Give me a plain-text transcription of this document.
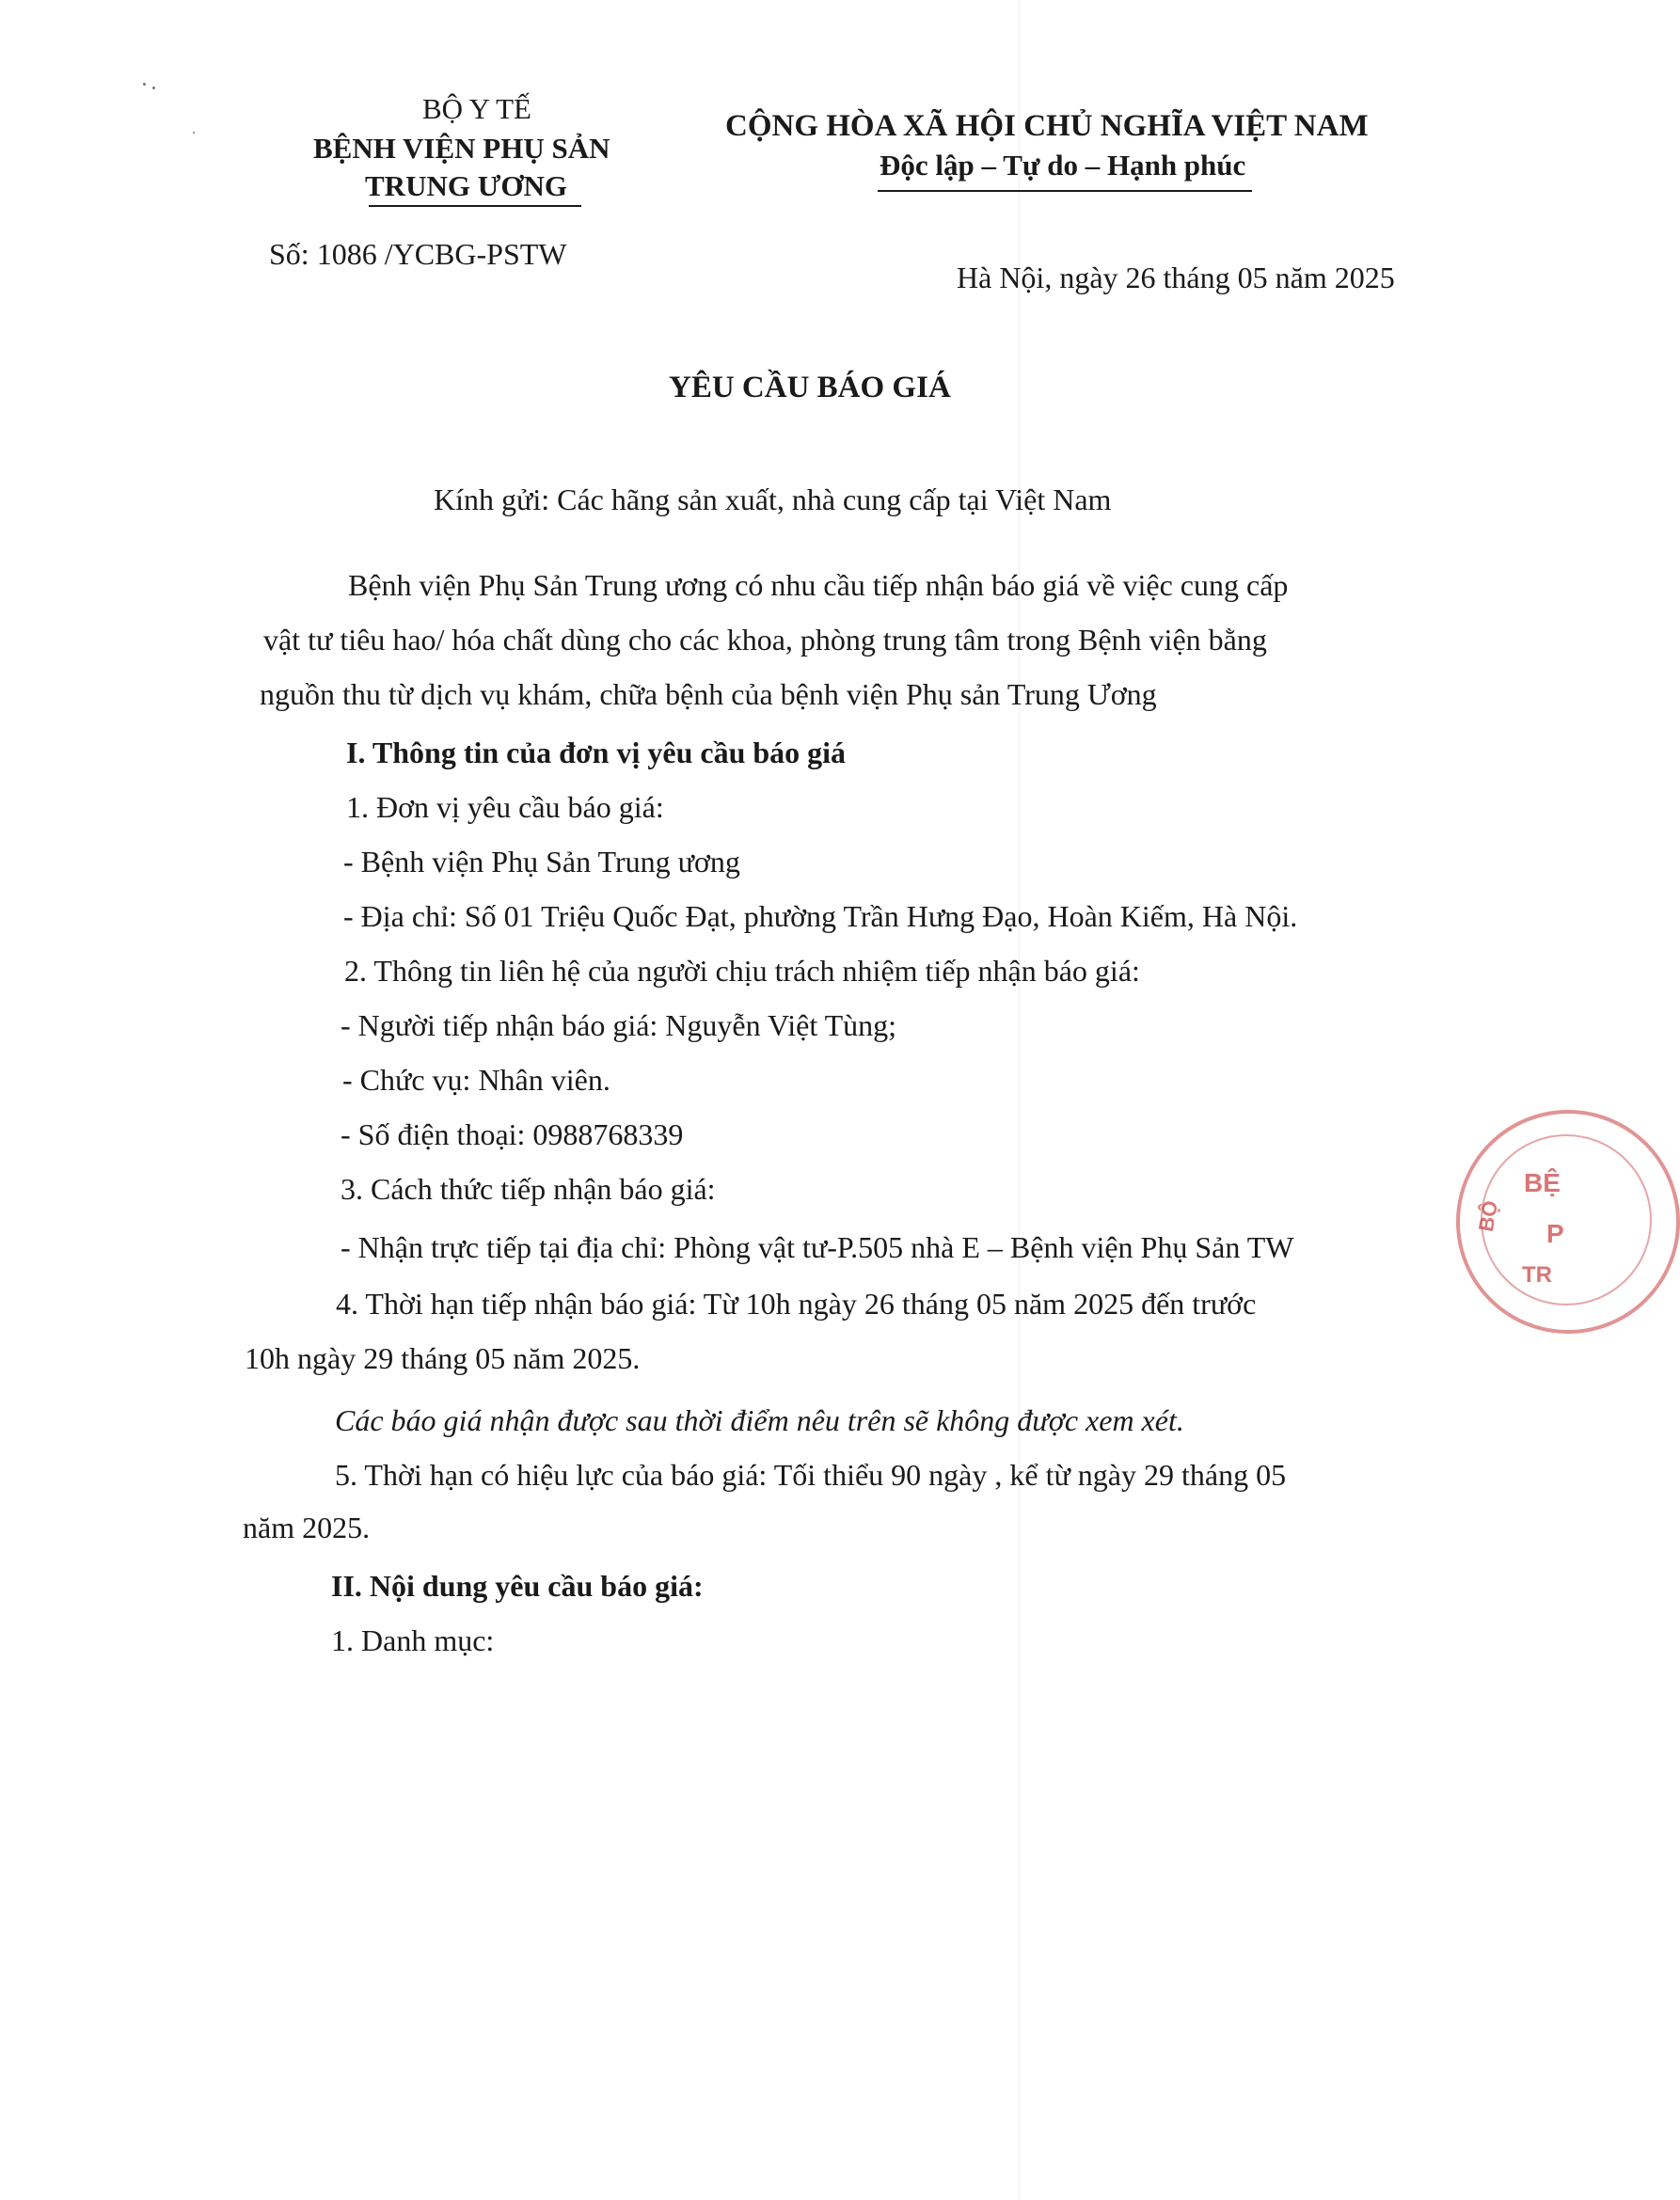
BỘ Y TẾ
BỆNH VIỆN PHỤ SẢN
TRUNG ƯƠNG
Số: 1086 /YCBG-PSTW
CỘNG HÒA XÃ HỘI CHỦ NGHĨA VIỆT NAM
Độc lập – Tự do – Hạnh phúc
Hà Nội, ngày 26 tháng 05 năm 2025
YÊU CẦU BÁO GIÁ
Kính gửi: Các hãng sản xuất, nhà cung cấp tại Việt Nam
Bệnh viện Phụ Sản Trung ương có nhu cầu tiếp nhận báo giá về việc cung cấp
vật tư tiêu hao/ hóa chất dùng cho các khoa, phòng trung tâm trong Bệnh viện bằng
nguồn thu từ dịch vụ khám, chữa bệnh của bệnh viện Phụ sản Trung Ương
I. Thông tin của đơn vị yêu cầu báo giá
1. Đơn vị yêu cầu báo giá:
- Bệnh viện Phụ Sản Trung ương
- Địa chỉ: Số 01 Triệu Quốc Đạt, phường Trần Hưng Đạo, Hoàn Kiếm, Hà Nội.
2. Thông tin liên hệ của người chịu trách nhiệm tiếp nhận báo giá:
- Người tiếp nhận báo giá: Nguyễn Việt Tùng;
- Chức vụ: Nhân viên.
- Số điện thoại: 0988768339
3. Cách thức tiếp nhận báo giá:
- Nhận trực tiếp tại địa chỉ: Phòng vật tư-P.505 nhà E – Bệnh viện Phụ Sản TW
4. Thời hạn tiếp nhận báo giá: Từ 10h ngày 26 tháng 05 năm 2025 đến trước
10h ngày 29 tháng 05 năm 2025.
Các báo giá nhận được sau thời điểm nêu trên sẽ không được xem xét.
5. Thời hạn có hiệu lực của báo giá: Tối thiểu 90 ngày , kể từ ngày 29 tháng 05
năm 2025.
II. Nội dung yêu cầu báo giá:
1. Danh mục:
BỆ
BỘ
P
TR
